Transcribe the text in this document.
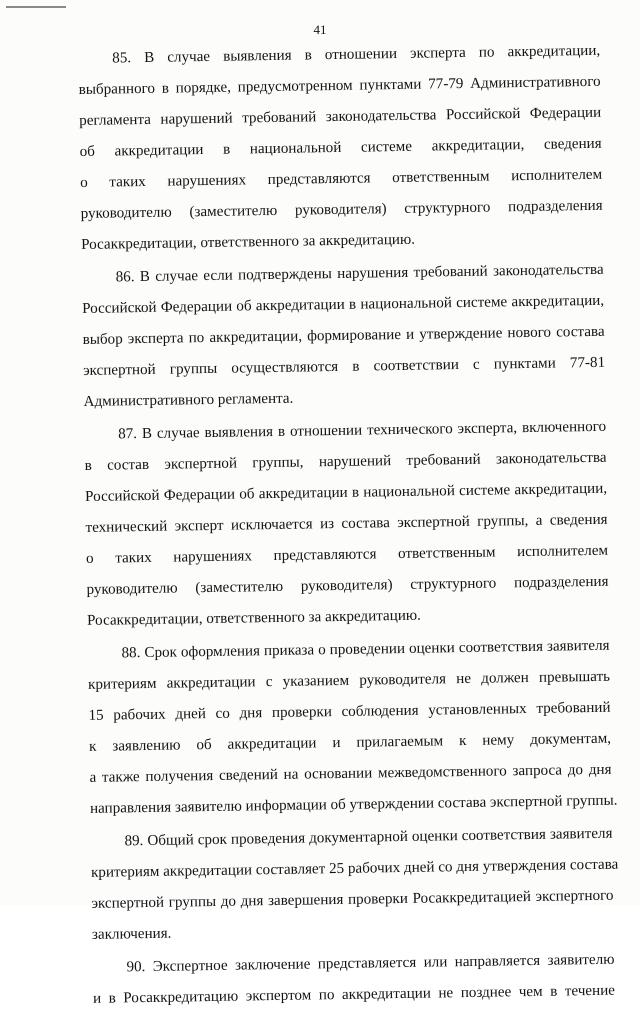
41

85. В случае выявления в отношении эксперта по аккредитации,
выбранного в порядке, предусмотренном пунктами 77-79 Административного
регламента нарушений требований законодательства Российской Федерации
об аккредитации в национальной системе аккредитации, сведения
о таких нарушениях представляются ответственным исполнителем
руководителю (заместителю руководителя) структурного подразделения
Росаккредитации, ответственного за аккредитацию.

86. В случае если подтверждены нарушения требований законодательства
Российской Федерации об аккредитации в национальной системе аккредитации,
выбор эксперта по аккредитации, формирование и утверждение нового состава
экспертной группы осуществляются в соответствии с пунктами 77-81
Административного регламента.

87. В случае выявления в отношении технического эксперта, включенного
в состав экспертной группы, нарушений требований законодательства
Российской Федерации об аккредитации в национальной системе аккредитации,
технический эксперт исключается из состава экспертной группы, а сведения
о таких нарушениях представляются ответственным исполнителем
руководителю (заместителю руководителя) структурного подразделения
Росаккредитации, ответственного за аккредитацию.

88. Срок оформления приказа о проведении оценки соответствия заявителя
критериям аккредитации с указанием руководителя не должен превышать
15 рабочих дней со дня проверки соблюдения установленных требований
к заявлению об аккредитации и прилагаемым к нему документам,
а также получения сведений на основании межведомственного запроса до дня
направления заявителю информации об утверждении состава экспертной группы.

89. Общий срок проведения документарной оценки соответствия заявителя
критериям аккредитации составляет 25 рабочих дней со дня утверждения состава
экспертной группы до дня завершения проверки Росаккредитацией экспертного
заключения.

90. Экспертное заключение представляется или направляется заявителю
и в Росаккредитацию экспертом по аккредитации не позднее чем в течение
